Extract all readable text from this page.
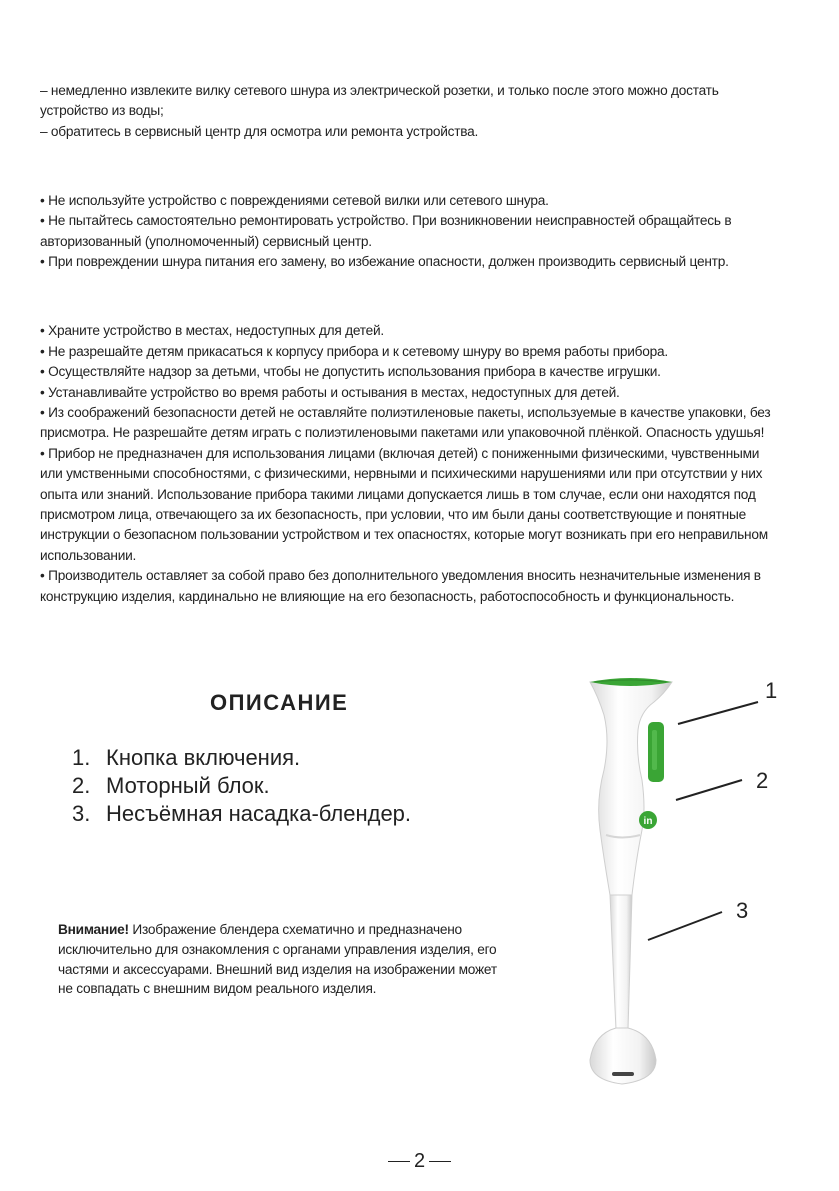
– немедленно извлеките вилку сетевого шнура из электрической розетки, и только после этого можно достать устройство из воды;

– обратитесь в сервисный центр для осмотра или ремонта устройства.

• Не используйте устройство с повреждениями сетевой вилки или сетевого шнура.

• Не пытайтесь самостоятельно ремонтировать устройство. При возникновении неисправностей обращайтесь в авторизованный (уполномоченный) сервисный центр.

• При повреждении шнура питания его замену, во избежание опасности, должен производить сервисный центр.

• Храните устройство в местах, недоступных для детей.

• Не разрешайте детям прикасаться к корпусу прибора и к сетевому шнуру во время работы прибора.

• Осуществляйте надзор за детьми, чтобы не допустить использования прибора в качестве игрушки.

• Устанавливайте устройство во время работы и остывания в местах, недоступных для детей.

• Из соображений безопасности детей не оставляйте полиэтиленовые пакеты, используемые в качестве упаковки, без присмотра. Не разрешайте детям играть с полиэтиленовыми пакетами или упаковочной плёнкой. Опасность удушья!

• Прибор не предназначен для использования лицами (включая детей) с пониженными физическими, чувственными или умственными способностями, с физическими, нервными и психическими нарушениями или при отсутствии у них опыта или знаний. Использование прибора такими лицами допускается лишь в том случае, если они находятся под присмотром лица, отвечающего за их безопасность, при условии, что им были даны соответствующие и понятные инструкции о безопасном пользовании устройством и тех опасностях, которые могут возникать при его неправильном использовании.

• Производитель оставляет за собой право без дополнительного уведомления вносить незначительные изменения в конструкцию изделия, кардинально не влияющие на его безопасность, работоспособность и функциональность.

ОПИСАНИЕ
1. Кнопка включения.
2. Моторный блок.
3. Несъёмная насадка-блендер.
Внимание! Изображение блендера схематично и предназначено исключительно для ознакомления с органами управления изделия, его частями и аксессуарами. Внешний вид изделия на изображении может не совпадать с внешним видом реального изделия.
in
1
2
3
2
